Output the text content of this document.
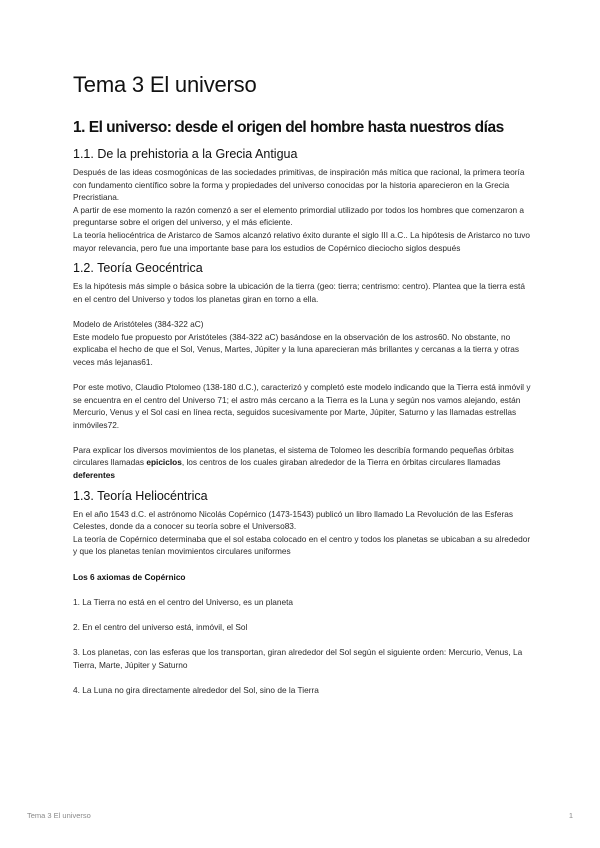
Tema 3 El universo
1. El universo: desde el origen del hombre hasta nuestros días
1.1. De la prehistoria a la Grecia Antigua

Después de las ideas cosmogónicas de las sociedades primitivas, de inspiración más mítica que racional, la primera teoría con fundamento científico sobre la forma y propiedades del universo conocidas por la historia aparecieron en la Grecia Precristiana.

A partir de ese momento la razón comenzó a ser el elemento primordial utilizado por todos los hombres que comenzaron a preguntarse sobre el origen del universo, y el más eficiente.

La teoría heliocéntrica de Aristarco de Samos alcanzó relativo éxito durante el siglo III a.C.. La hipótesis de Aristarco no tuvo mayor relevancia, pero fue una importante base para los estudios de Copérnico dieciocho siglos después

1.2. Teoría Geocéntrica

Es la hipótesis más simple o básica sobre la ubicación de la tierra (geo: tierra; centrismo: centro). Plantea que la tierra está en el centro del Universo y todos los planetas giran en torno a ella.

Modelo de Aristóteles (384-322 aC)

Este modelo fue propuesto por Aristóteles (384-322 aC) basándose en la observación de los astros60. No obstante, no explicaba el hecho de que el Sol, Venus, Martes, Júpiter y la luna aparecieran más brillantes y cercanas a la tierra y otras veces más lejanas61.

Por este motivo, Claudio Ptolomeo (138-180 d.C.), caracterizó y completó este modelo indicando que la Tierra está inmóvil y se encuentra en el centro del Universo 71; el astro más cercano a la Tierra es la Luna y según nos vamos alejando, están Mercurio, Venus y el Sol casi en línea recta, seguidos sucesivamente por Marte, Júpiter, Saturno y las llamadas estrellas inmóviles72.

Para explicar los diversos movimientos de los planetas, el sistema de Tolomeo les describía formando pequeñas órbitas circulares llamadas epiciclos, los centros de los cuales giraban alrededor de la Tierra en órbitas circulares llamadas deferentes

1.3. Teoría Heliocéntrica

En el año 1543 d.C. el astrónomo Nicolás Copérnico (1473-1543) publicó un libro llamado La Revolución de las Esferas Celestes, donde da a conocer su teoría sobre el Universo83.

La teoría de Copérnico determinaba que el sol estaba colocado en el centro y todos los planetas se ubicaban a su alrededor y que los planetas tenían movimientos circulares uniformes

Los 6 axiomas de Copérnico

1. La Tierra no está en el centro del Universo, es un planeta

2. En el centro del universo está, inmóvil, el Sol

3. Los planetas, con las esferas que los transportan, giran alrededor del Sol según el siguiente orden: Mercurio, Venus, La Tierra, Marte, Júpiter y Saturno

4. La Luna no gira directamente alrededor del Sol, sino de la Tierra

Tema 3 El universo	1
